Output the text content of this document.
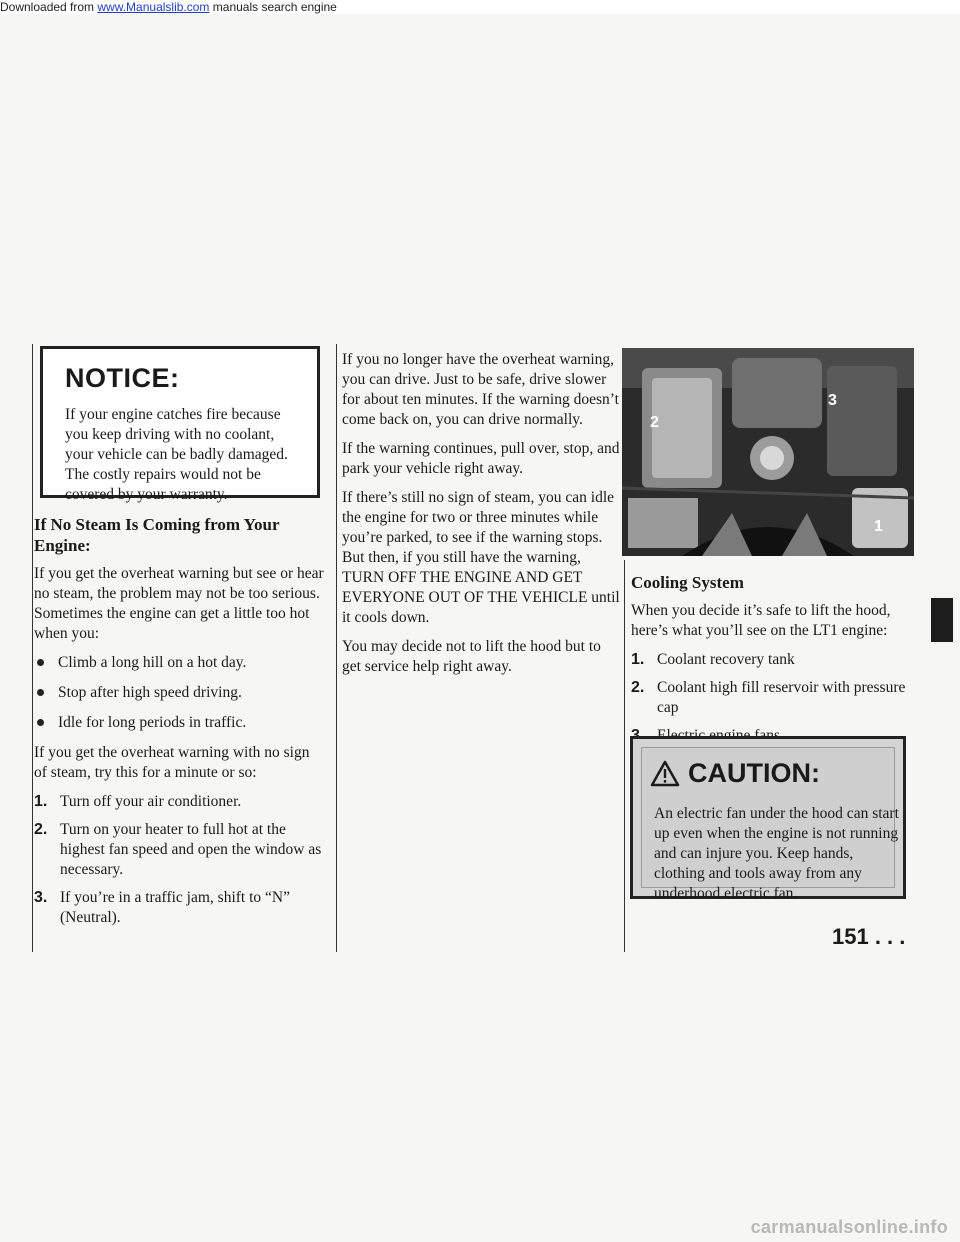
Downloaded from www.Manualslib.com manuals search engine
NOTICE:
If your engine catches fire because you keep driving with no coolant, your vehicle can be badly damaged. The costly repairs would not be covered by your warranty.
If No Steam Is Coming from Your Engine:

If you get the overheat warning but see or hear no steam, the problem may not be too serious. Sometimes the engine can get a little too hot when you:

Climb a long hill on a hot day.
Stop after high speed driving.
Idle for long periods in traffic.

If you get the overheat warning with no sign of steam, try this for a minute or so:

1. Turn off your air conditioner.
2. Turn on your heater to full hot at the highest fan speed and open the window as necessary.
3. If you’re in a traffic jam, shift to “N” (Neutral).

If you no longer have the overheat warning, you can drive. Just to be safe, drive slower for about ten minutes. If the warning doesn’t come back on, you can drive normally.

If the warning continues, pull over, stop, and park your vehicle right away.

If there’s still no sign of steam, you can idle the engine for two or three minutes while you’re parked, to see if the warning stops. But then, if you still have the warning, TURN OFF THE ENGINE AND GET EVERYONE OUT OF THE VEHICLE until it cools down.

You may decide not to lift the hood but to get service help right away.

2
3
1
Cooling System

When you decide it’s safe to lift the hood, here’s what you’ll see on the LT1 engine:

1. Coolant recovery tank
2. Coolant high fill reservoir with pressure cap
CAUTION:
An electric fan under the hood can start up even when the engine is not running and can injure you. Keep hands, clothing and tools away from any underhood electric fan.
151 . . .
carmanualsonline.info
